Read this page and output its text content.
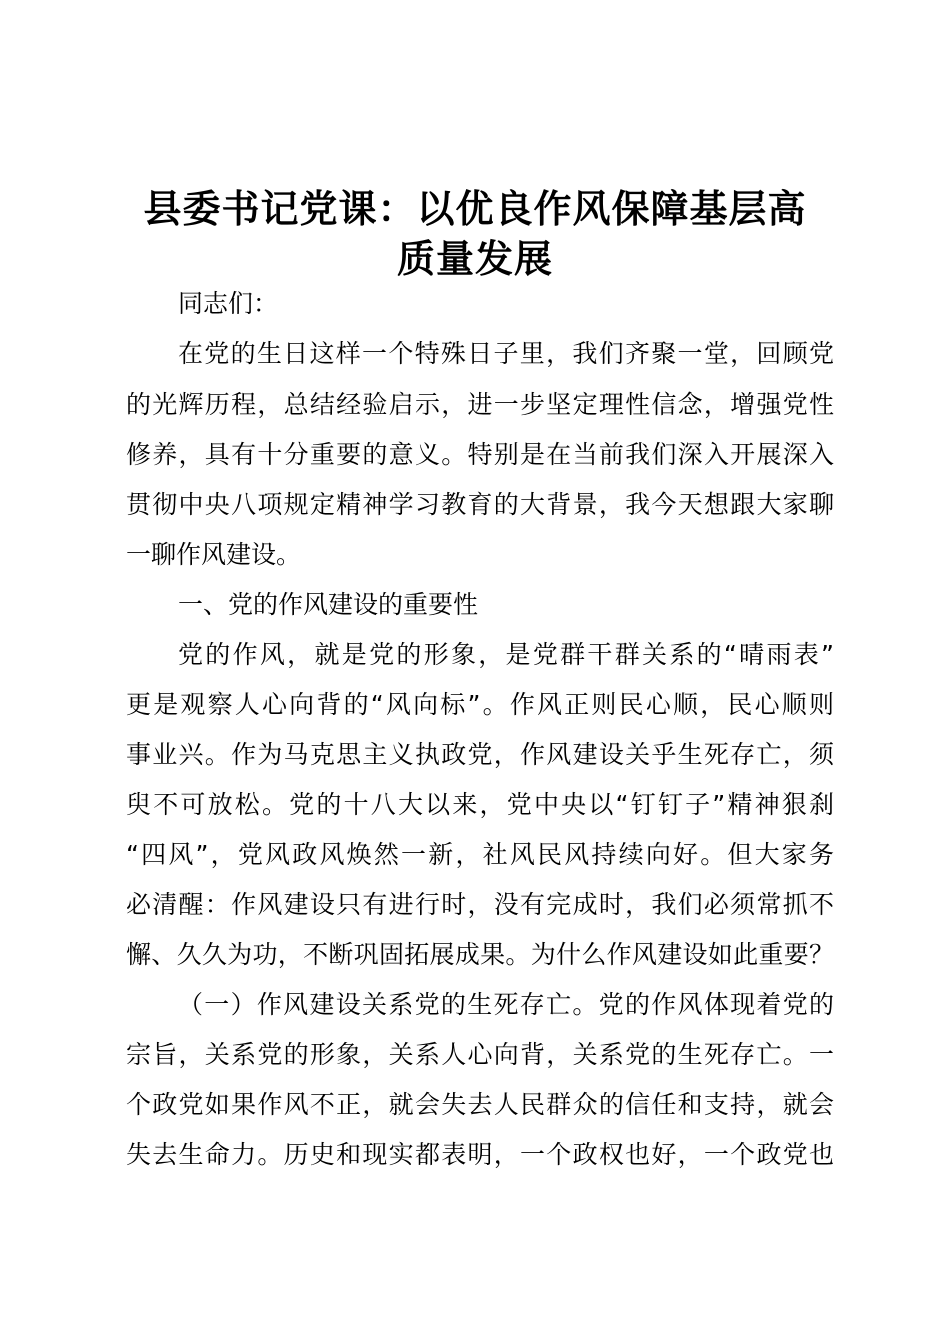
县委书记党课：以优良作风保障基层高
质量发展

同志们：

在党的生日这样一个特殊日子里，我们齐聚一堂，回顾党

的光辉历程，总结经验启示，进一步坚定理性信念，增强党性

修养，具有十分重要的意义。特别是在当前我们深入开展深入

贯彻中央八项规定精神学习教育的大背景，我今天想跟大家聊

一聊作风建设。

一、党的作风建设的重要性

党的作风，就是党的形象，是党群干群关系的“晴雨表”

更是观察人心向背的“风向标”。作风正则民心顺，民心顺则

事业兴。作为马克思主义执政党，作风建设关乎生死存亡，须

臾不可放松。党的十八大以来，党中央以“钉钉子”精神狠刹

“四风”，党风政风焕然一新，社风民风持续向好。但大家务

必清醒：作风建设只有进行时，没有完成时，我们必须常抓不

懈、久久为功，不断巩固拓展成果。为什么作风建设如此重要？

（一）作风建设关系党的生死存亡。党的作风体现着党的

宗旨，关系党的形象，关系人心向背，关系党的生死存亡。一

个政党如果作风不正，就会失去人民群众的信任和支持，就会

失去生命力。历史和现实都表明，一个政权也好，一个政党也
